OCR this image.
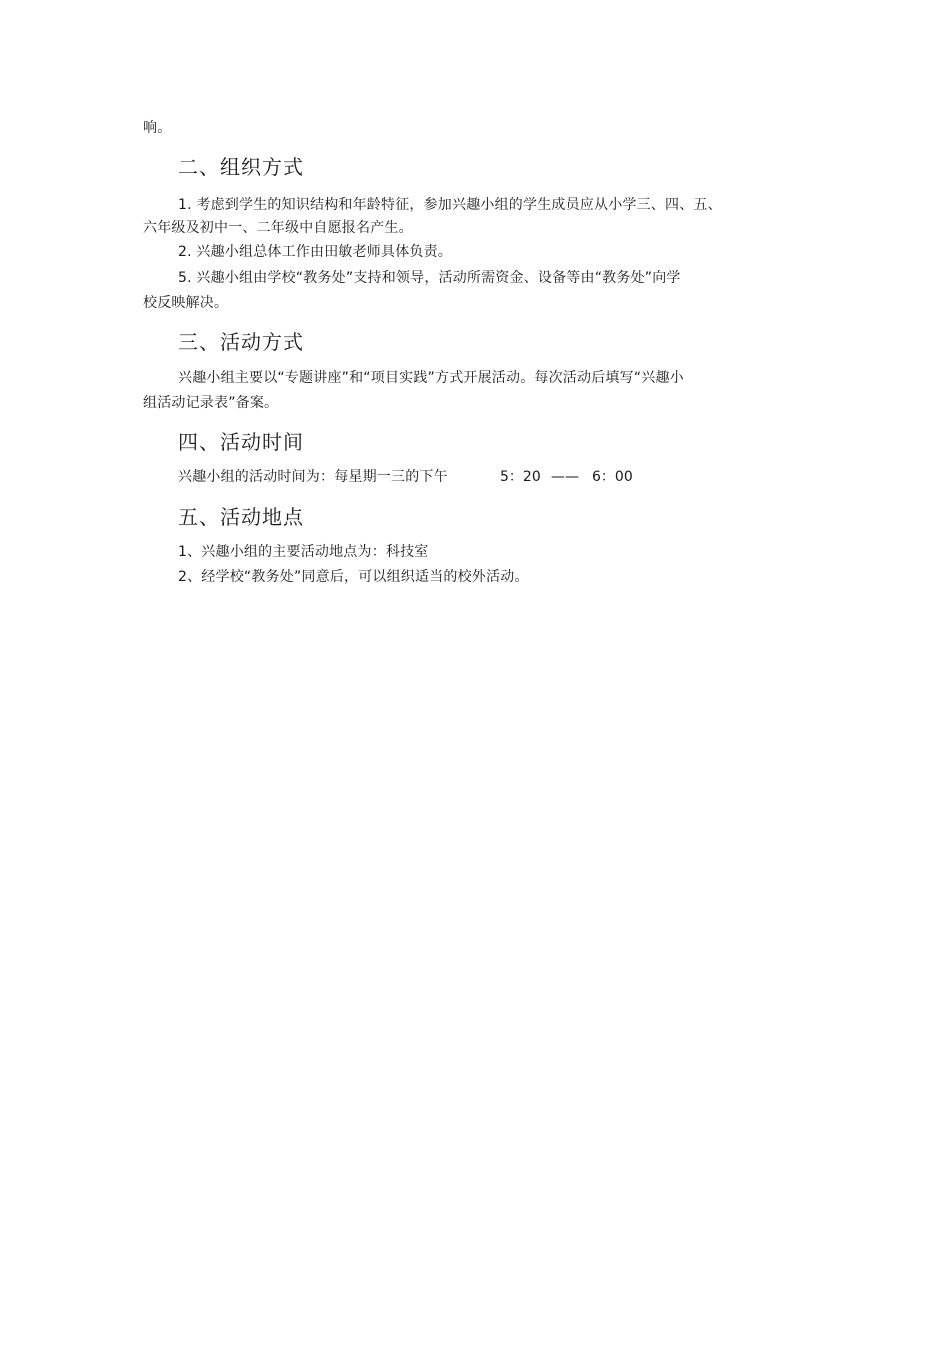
响。
二、组织方式
1. 考虑到学生的知识结构和年龄特征，参加兴趣小组的学生成员应从小学三、四、五、
六年级及初中一、二年级中自愿报名产生。
2. 兴趣小组总体工作由田敏老师具体负责。
5. 兴趣小组由学校“教务处”支持和领导，活动所需资金、设备等由“教务处”向学
校反映解决。
三、活动方式
兴趣小组主要以“专题讲座”和“项目实践”方式开展活动。每次活动后填写“兴趣小
组活动记录表”备案。
四、活动时间
兴趣小组的活动时间为：每星期一三的下午	5：20 —— 6：00
五、活动地点
1、兴趣小组的主要活动地点为：科技室
2、经学校“教务处”同意后，可以组织适当的校外活动。
